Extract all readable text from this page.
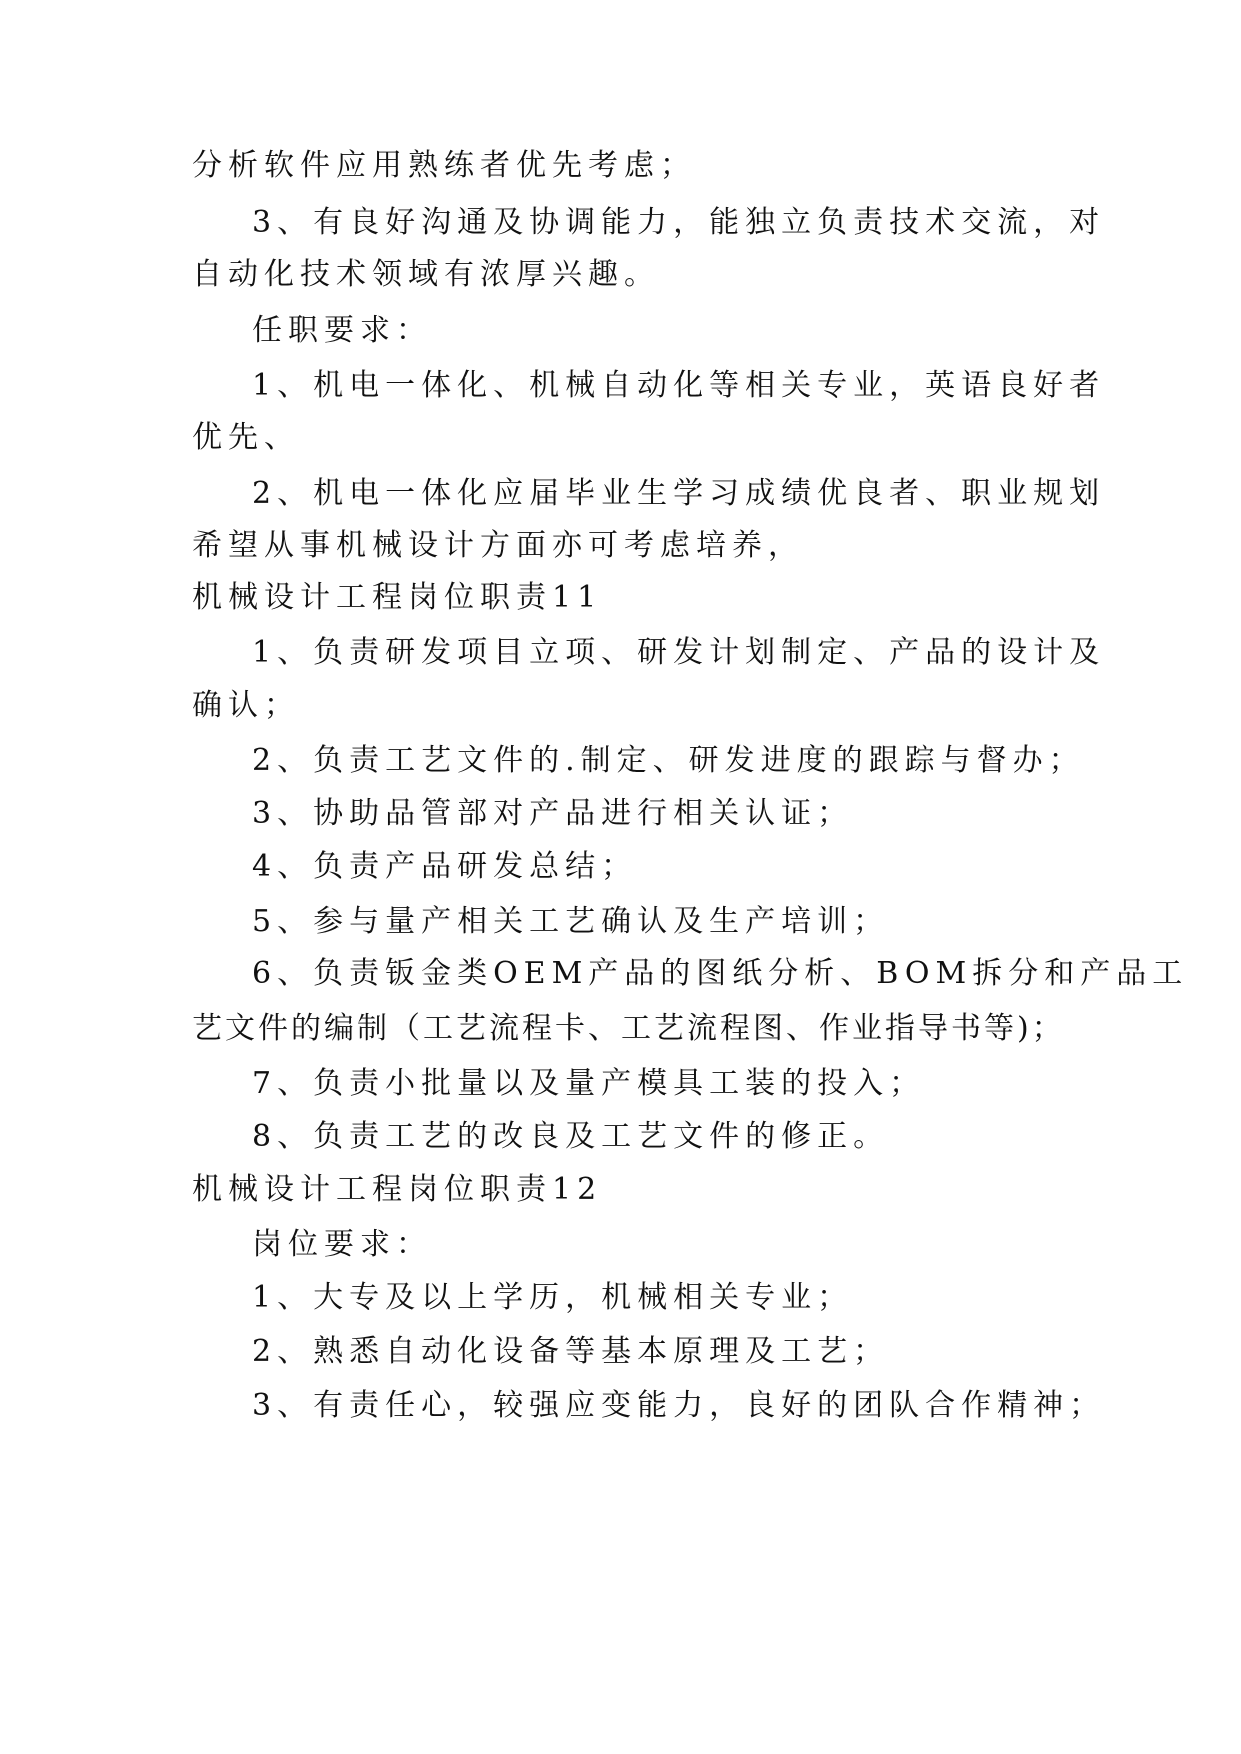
分析软件应用熟练者优先考虑；
3、有良好沟通及协调能力，能独立负责技术交流，对
自动化技术领域有浓厚兴趣。
任职要求：
1、机电一体化、机械自动化等相关专业，英语良好者
优先、
2、机电一体化应届毕业生学习成绩优良者、职业规划
希望从事机械设计方面亦可考虑培养，
机械设计工程岗位职责11
1、负责研发项目立项、研发计划制定、产品的设计及
确认；
2、负责工艺文件的.制定、研发进度的跟踪与督办；
3、协助品管部对产品进行相关认证；
4、负责产品研发总结；
5、参与量产相关工艺确认及生产培训；
6、负责钣金类OEM产品的图纸分析、BOM拆分和产品工
艺文件的编制（工艺流程卡、工艺流程图、作业指导书等)；
7、负责小批量以及量产模具工装的投入；
8、负责工艺的改良及工艺文件的修正。
机械设计工程岗位职责12
岗位要求：
1、大专及以上学历，机械相关专业；
2、熟悉自动化设备等基本原理及工艺；
3、有责任心，较强应变能力，良好的团队合作精神；
